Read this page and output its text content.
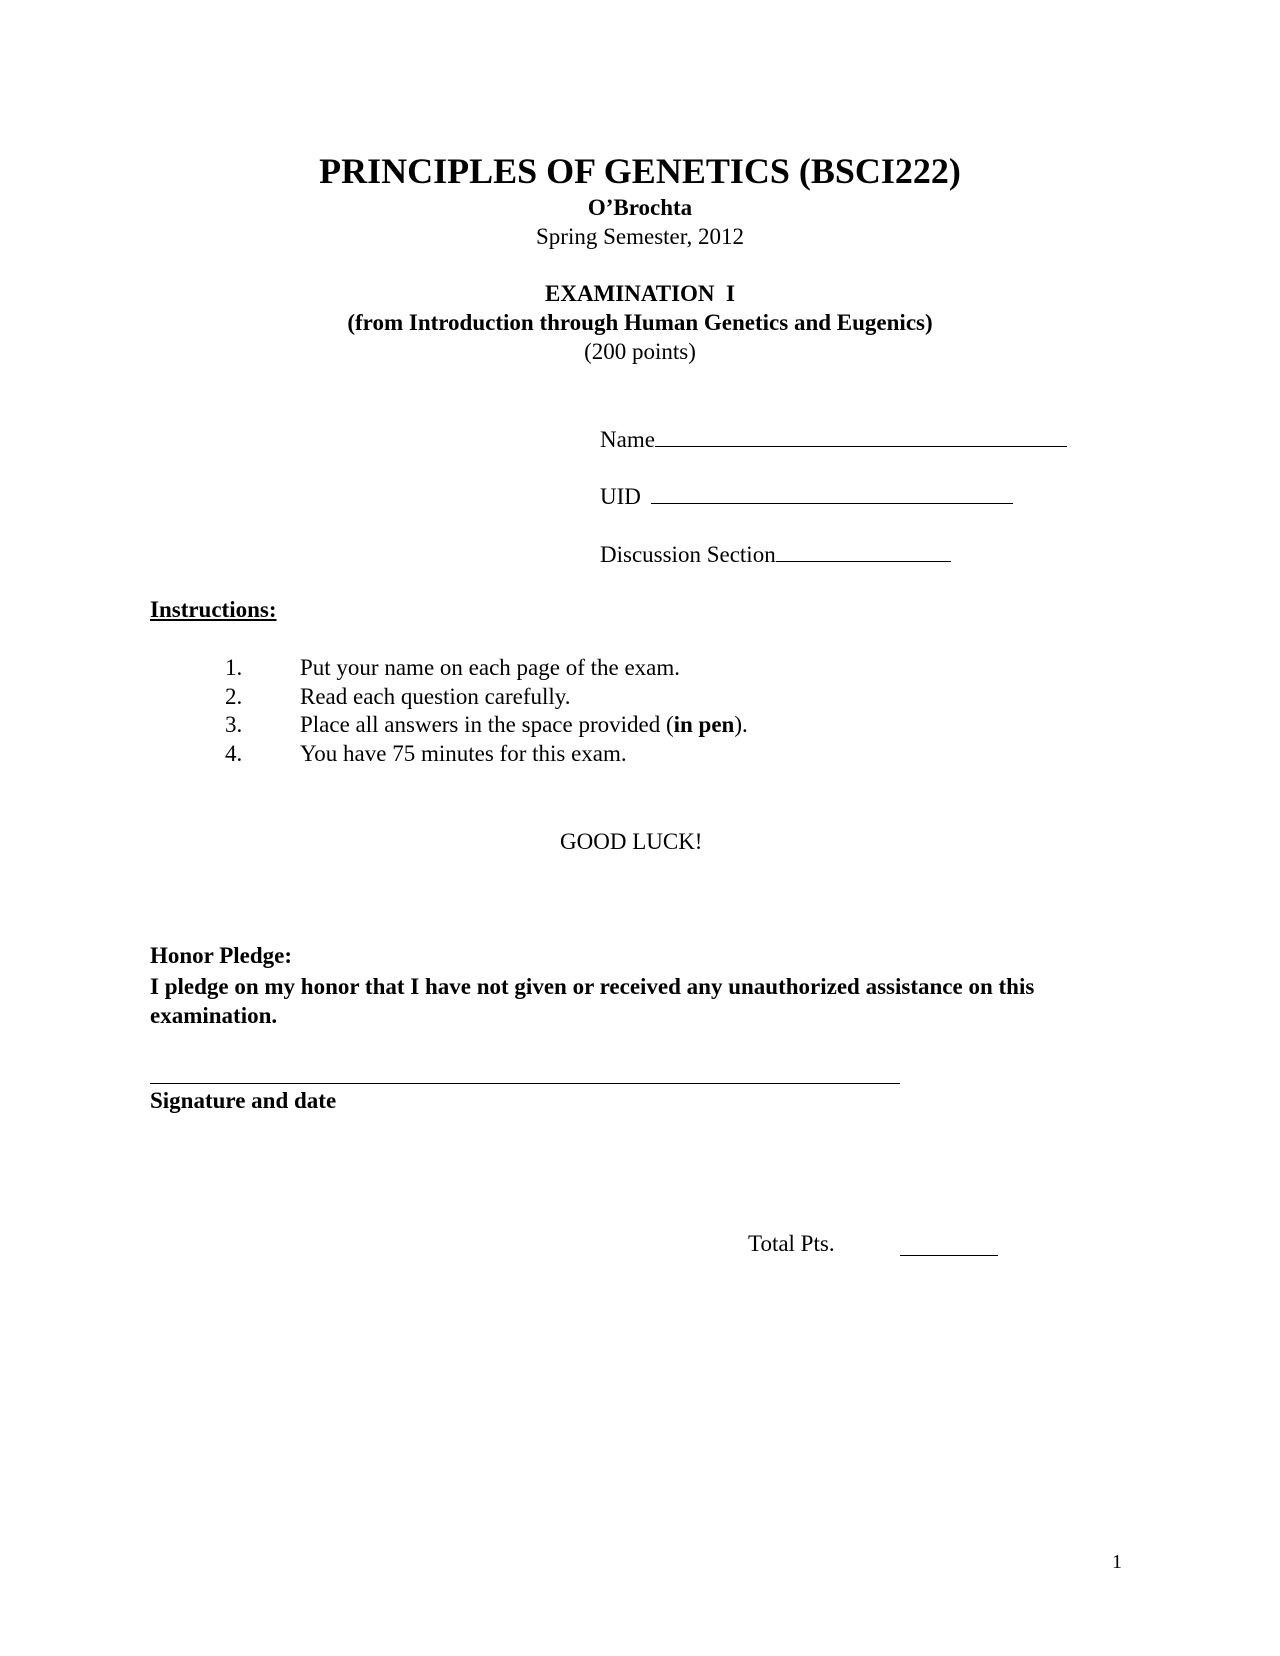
PRINCIPLES OF GENETICS (BSCI222)
O’Brochta
Spring Semester, 2012
EXAMINATION  I
(from Introduction through Human Genetics and Eugenics)
(200 points)
Name
UID
Discussion Section
Instructions:
1.	Put your name on each page of the exam.
2.	Read each question carefully.
3.	Place all answers in the space provided (in pen).
4.	You have 75 minutes for this exam.
GOOD LUCK!
Honor Pledge:
I pledge on my honor that I have not given or received any unauthorized assistance on this examination.
Signature and date
Total Pts.
1
